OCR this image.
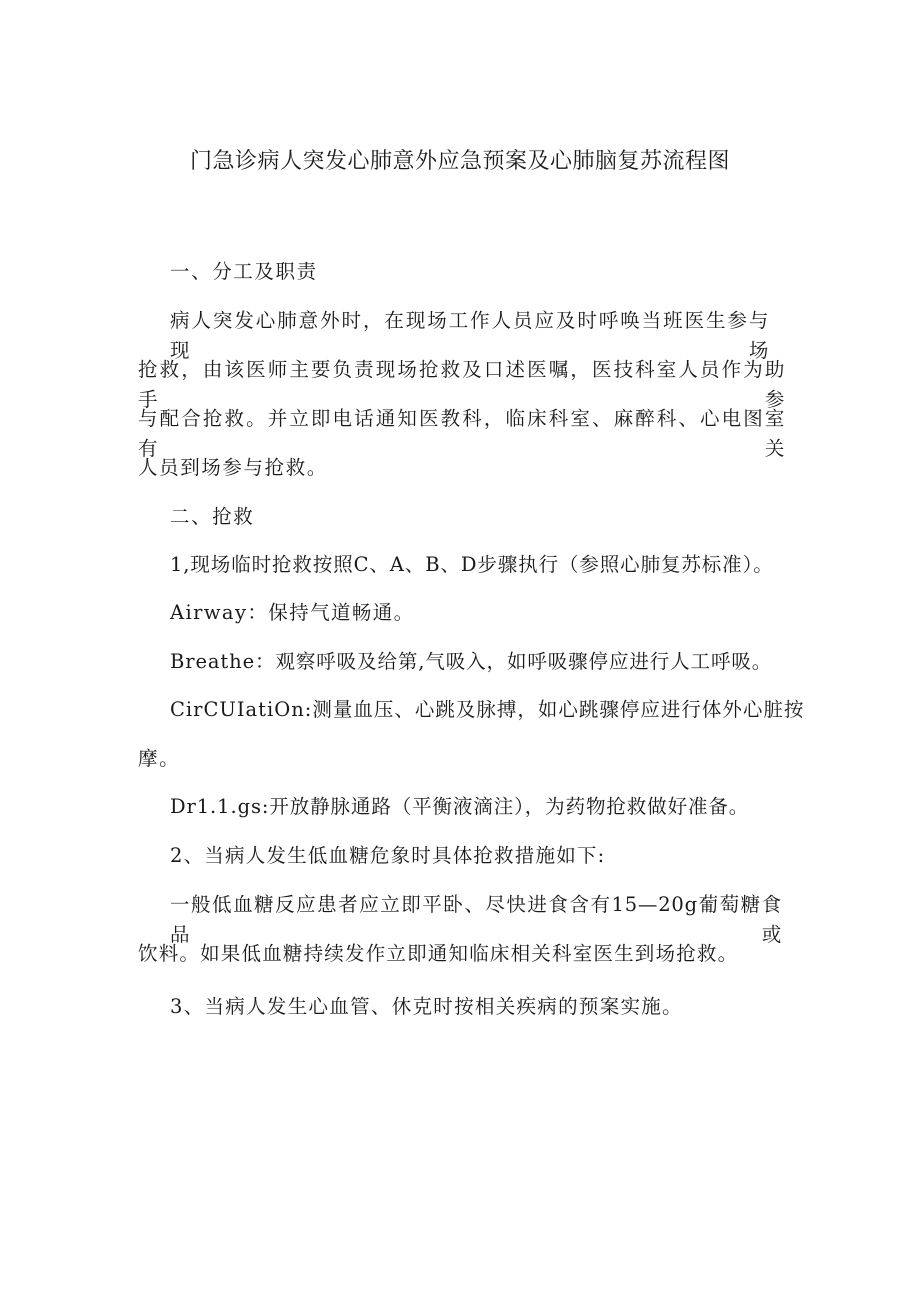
门急诊病人突发心肺意外应急预案及心肺脑复苏流程图
一、分工及职责
病人突发心肺意外时，在现场工作人员应及时呼唤当班医生参与现场
抢救，由该医师主要负责现场抢救及口述医嘱，医技科室人员作为助手参
与配合抢救。并立即电话通知医教科，临床科室、麻醉科、心电图室有关
人员到场参与抢救。
二、抢救
1,现场临时抢救按照C、A、B、D步骤执行（参照心肺复苏标准）。
Airway：保持气道畅通。
Breathe：观察呼吸及给第,气吸入，如呼吸骤停应进行人工呼吸。
CirCUIatiOn:测量血压、心跳及脉搏，如心跳骤停应进行体外心脏按
摩。
Dr1.1.gs:开放静脉通路（平衡液滴注），为药物抢救做好准备。
2、当病人发生低血糖危象时具体抢救措施如下:
一般低血糖反应患者应立即平卧、尽快进食含有15—20g葡萄糖食品或
饮料。如果低血糖持续发作立即通知临床相关科室医生到场抢救。
3、当病人发生心血管、休克时按相关疾病的预案实施。
